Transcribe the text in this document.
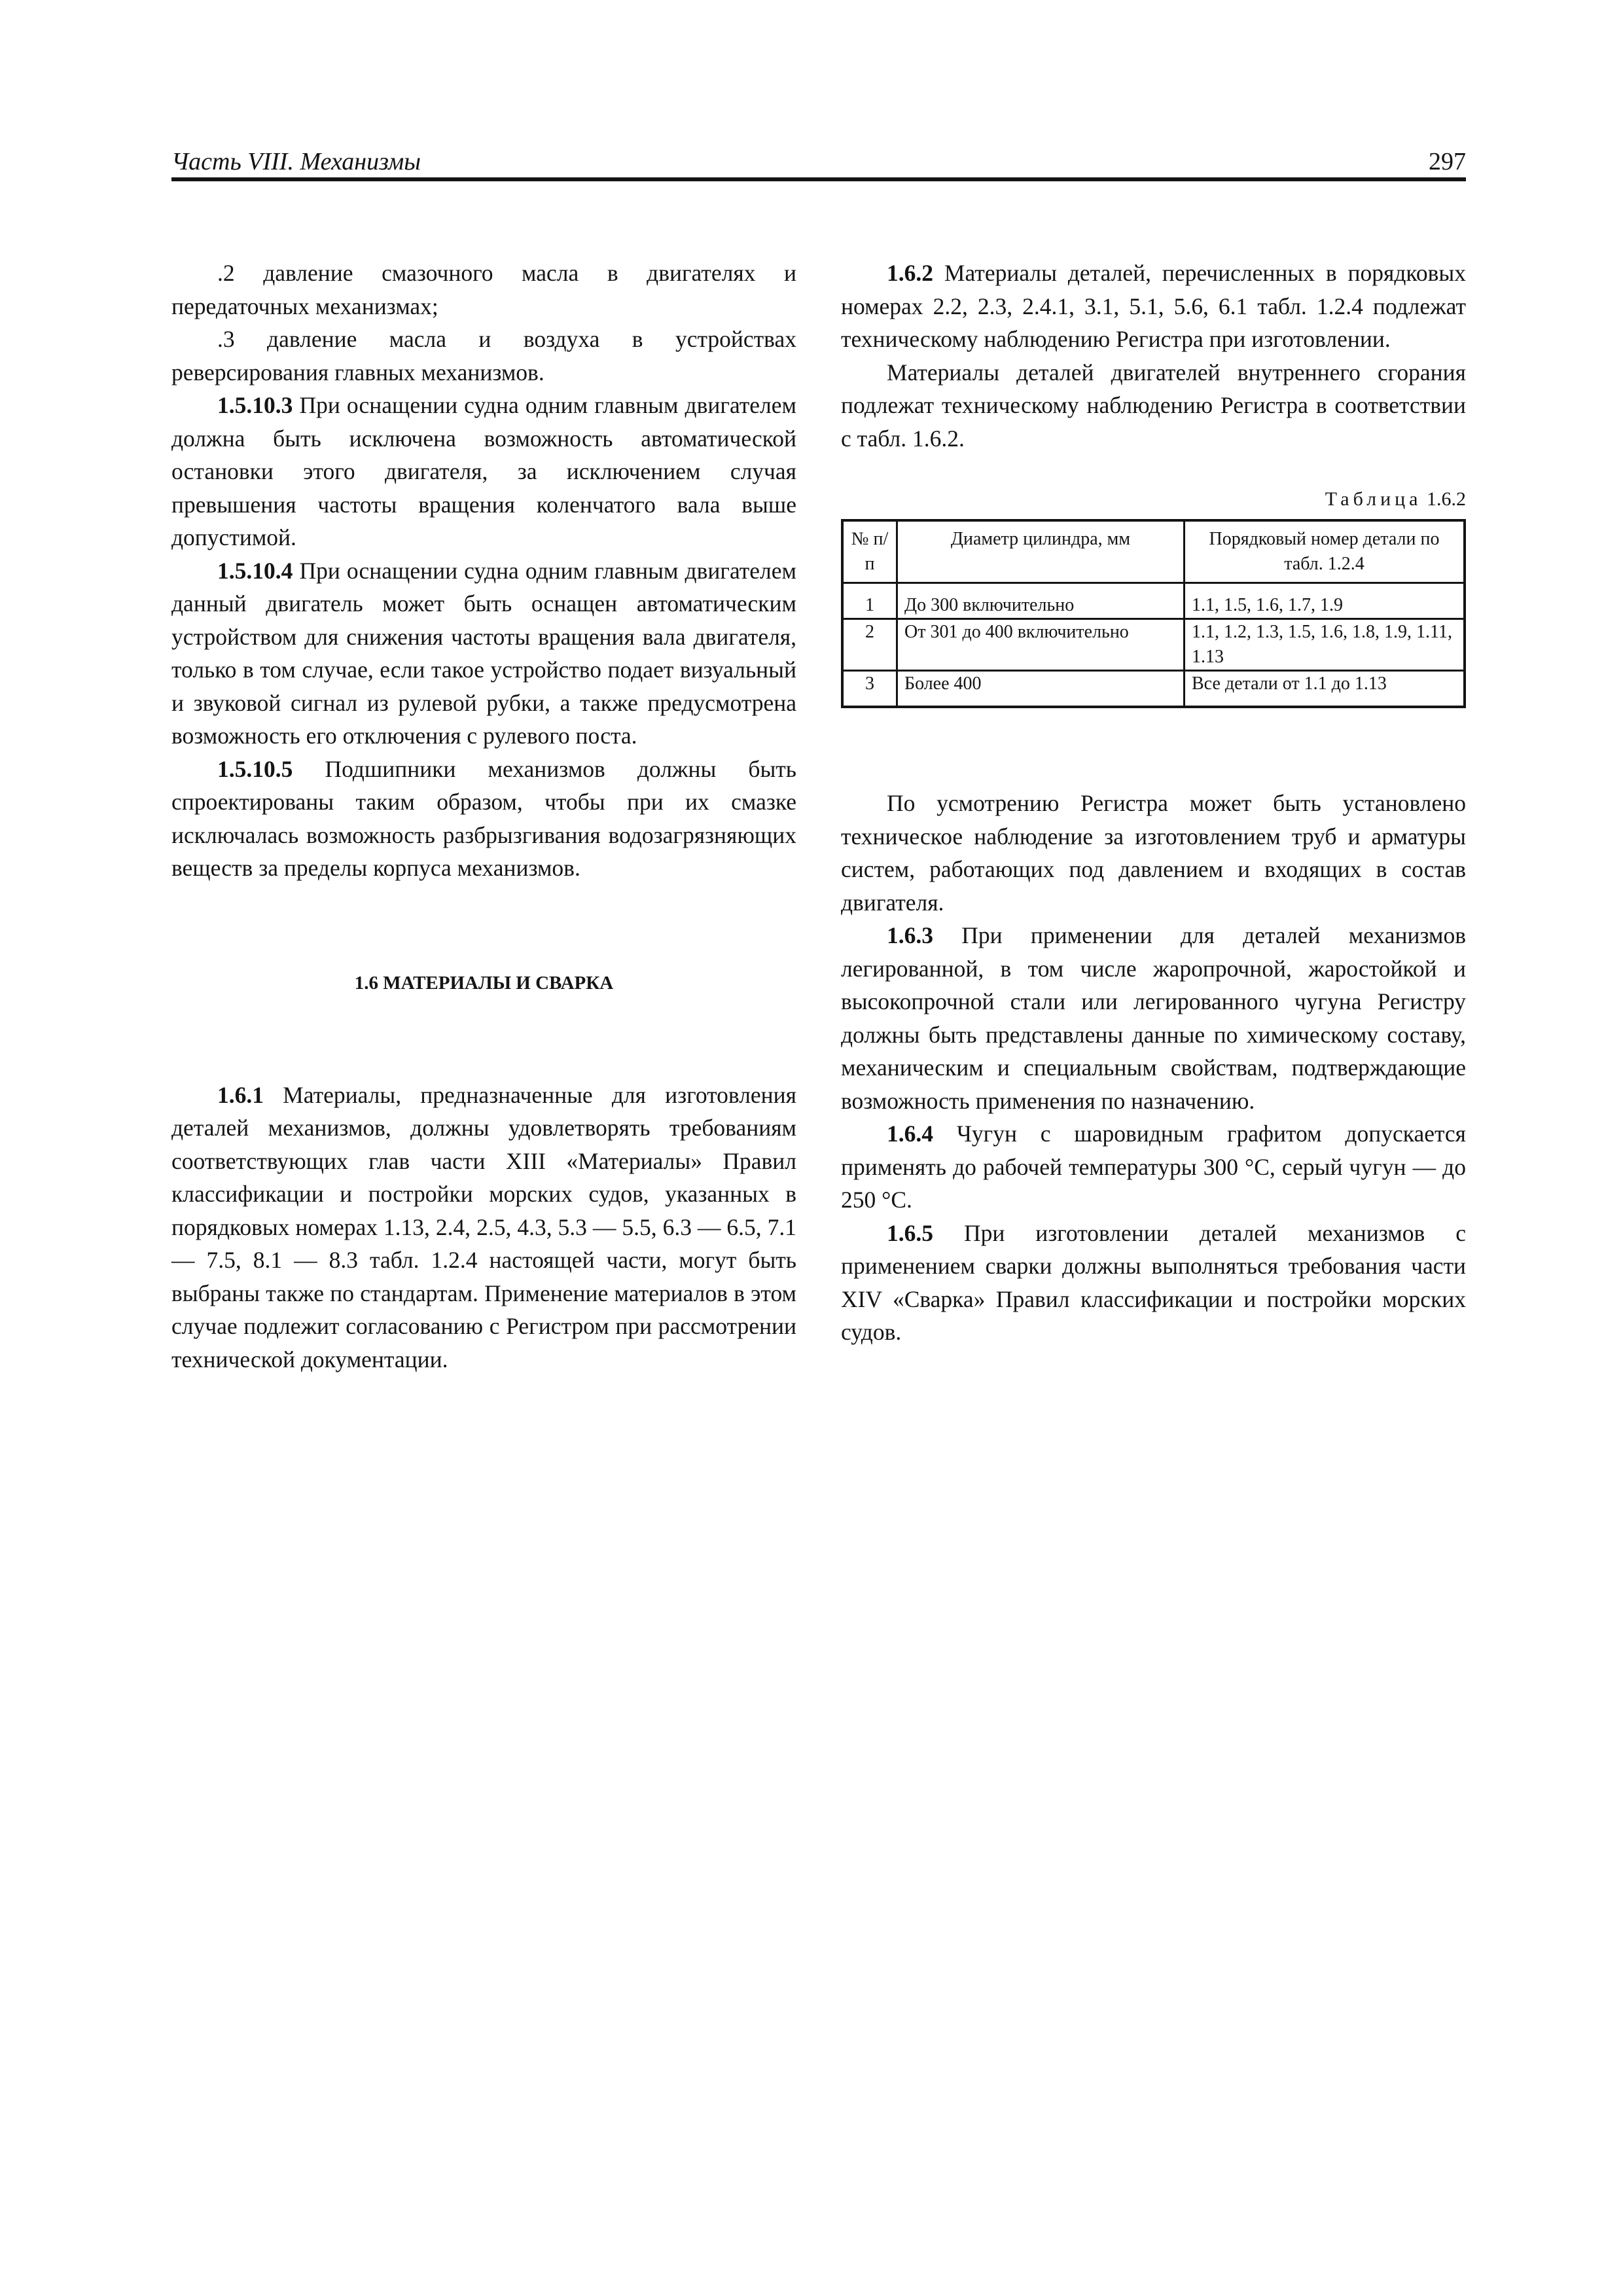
Часть VIII. Механизмы	297

.2 давление смазочного масла в двигателях и передаточных механизмах;

.3 давление масла и воздуха в устройствах реверсирования главных механизмов.

1.5.10.3 При оснащении судна одним главным двигателем должна быть исключена возможность автоматической остановки этого двигателя, за исключением случая превышения частоты вращения коленчатого вала выше допустимой.

1.5.10.4 При оснащении судна одним главным двигателем данный двигатель может быть оснащен автоматическим устройством для снижения частоты вращения вала двигателя, только в том случае, если такое устройство подает визуальный и звуковой сигнал из рулевой рубки, а также предусмотрена возможность его отключения с рулевого поста.

1.5.10.5 Подшипники механизмов должны быть спроектированы таким образом, чтобы при их смазке исключалась возможность разбрызгивания водозагрязняющих веществ за пределы корпуса механизмов.

1.6 МАТЕРИАЛЫ И СВАРКА

1.6.1 Материалы, предназначенные для изготовления деталей механизмов, должны удовлетворять требованиям соответствующих глав части XIII «Материалы» Правил классификации и постройки морских судов, указанных в порядковых номерах 1.13, 2.4, 2.5, 4.3, 5.3 — 5.5, 6.3 — 6.5, 7.1 — 7.5, 8.1 — 8.3 табл. 1.2.4 настоящей части, могут быть выбраны также по стандартам. Применение материалов в этом случае подлежит согласованию с Регистром при рассмотрении технической документации.

1.6.2 Материалы деталей, перечисленных в порядковых номерах 2.2, 2.3, 2.4.1, 3.1, 5.1, 5.6, 6.1 табл. 1.2.4 подлежат техническому наблюдению Регистра при изготовлении.

Материалы деталей двигателей внутреннего сгорания подлежат техническому наблюдению Регистра в соответствии с табл. 1.6.2.

Таблица 1.6.2
№ п/п	Диаметр цилиндра, мм	Порядковый номер детали по табл. 1.2.4
1	До 300 включительно	1.1, 1.5, 1.6, 1.7, 1.9
2	От 301 до 400 включительно	1.1, 1.2, 1.3, 1.5, 1.6, 1.8, 1.9, 1.11, 1.13
3	Более 400	Все детали от 1.1 до 1.13

По усмотрению Регистра может быть установлено техническое наблюдение за изготовлением труб и арматуры систем, работающих под давлением и входящих в состав двигателя.

1.6.3 При применении для деталей механизмов легированной, в том числе жаропрочной, жаростойкой и высокопрочной стали или легированного чугуна Регистру должны быть представлены данные по химическому составу, механическим и специальным свойствам, подтверждающие возможность применения по назначению.

1.6.4 Чугун с шаровидным графитом допускается применять до рабочей температуры 300 °С, серый чугун — до 250 °С.

1.6.5 При изготовлении деталей механизмов с применением сварки должны выполняться требования части XIV «Сварка» Правил классификации и постройки морских судов.
